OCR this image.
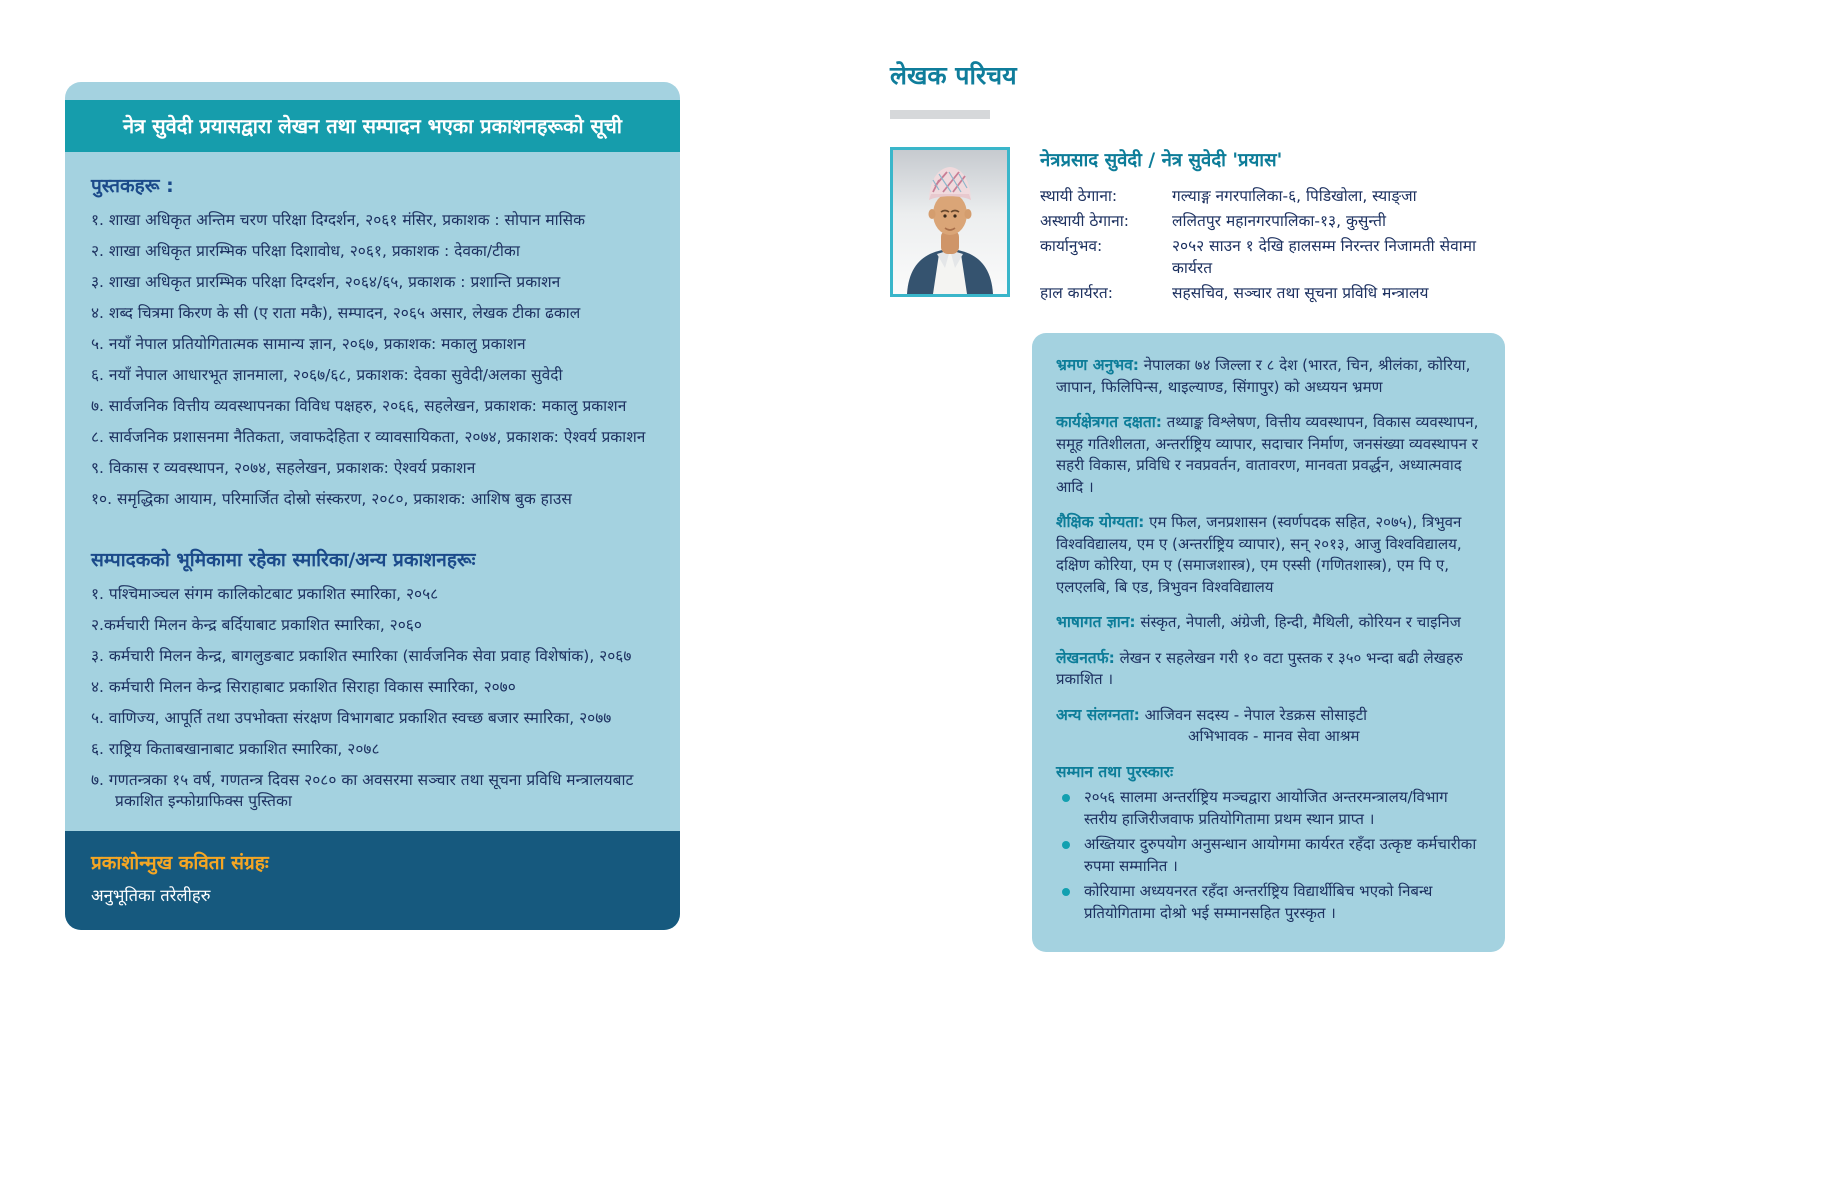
नेत्र सुवेदी प्रयासद्वारा लेखन तथा सम्पादन भएका प्रकाशनहरूको सूची
पुस्तकहरू :
१. शाखा अधिकृत अन्तिम चरण परिक्षा दिग्दर्शन, २०६१ मंसिर, प्रकाशक : सोपान मासिक
२. शाखा अधिकृत प्रारम्भिक परिक्षा दिशावोध, २०६१, प्रकाशक : देवका/टीका
३. शाखा अधिकृत प्रारम्भिक परिक्षा दिग्दर्शन, २०६४/६५, प्रकाशक : प्रशान्ति प्रकाशन
४. शब्द चित्रमा किरण के सी (ए राता मकै), सम्पादन, २०६५ असार, लेखक टीका ढकाल
५. नयाँ नेपाल प्रतियोगितात्मक सामान्य ज्ञान, २०६७, प्रकाशक: मकालु प्रकाशन
६. नयाँ नेपाल आधारभूत ज्ञानमाला, २०६७/६८, प्रकाशक: देवका सुवेदी/अलका सुवेदी
७. सार्वजनिक वित्तीय व्यवस्थापनका विविध पक्षहरु, २०६६, सहलेखन, प्रकाशक: मकालु प्रकाशन
८. सार्वजनिक प्रशासनमा नैतिकता, जवाफदेहिता र व्यावसायिकता, २०७४, प्रकाशक: ऐश्वर्य प्रकाशन
९. विकास र व्यवस्थापन, २०७४, सहलेखन, प्रकाशक: ऐश्वर्य प्रकाशन
१०. समृद्धिका आयाम, परिमार्जित दोस्रो संस्करण, २०८०, प्रकाशक: आशिष बुक हाउस
सम्पादकको भूमिकामा रहेका स्मारिका/अन्य प्रकाशनहरूः
१. पश्चिमाञ्चल संगम कालिकोटबाट प्रकाशित स्मारिका, २०५८
२.कर्मचारी मिलन केन्द्र बर्दियाबाट प्रकाशित स्मारिका, २०६०
३. कर्मचारी मिलन केन्द्र, बागलुङबाट प्रकाशित स्मारिका (सार्वजनिक सेवा प्रवाह विशेषांक), २०६७
४. कर्मचारी मिलन केन्द्र सिराहाबाट प्रकाशित सिराहा विकास स्मारिका, २०७०
५. वाणिज्य, आपूर्ति तथा उपभोक्ता संरक्षण विभागबाट प्रकाशित स्वच्छ बजार स्मारिका, २०७७
६. राष्ट्रिय किताबखानाबाट प्रकाशित स्मारिका, २०७८
७. गणतन्त्रका १५ वर्ष, गणतन्त्र दिवस २०८० का अवसरमा सञ्चार तथा सूचना प्रविधि मन्त्रालयबाट प्रकाशित इन्फोग्राफिक्स पुस्तिका
प्रकाशोन्मुख कविता संग्रहः
अनुभूतिका तरेलीहरु
लेखक परिचय
नेत्रप्रसाद सुवेदी / नेत्र सुवेदी 'प्रयास'
स्थायी ठेगाना:	गल्याङ्ग नगरपालिका-६, पिडिखोला, स्याङ्जा
अस्थायी ठेगाना:	ललितपुर महानगरपालिका-१३, कुसुन्ती
कार्यानुभव:	२०५२ साउन १ देखि हालसम्म निरन्तर निजामती सेवामा कार्यरत
हाल कार्यरत:	सहसचिव, सञ्चार तथा सूचना प्रविधि मन्त्रालय
भ्रमण अनुभव: नेपालका ७४ जिल्ला र ८ देश (भारत, चिन, श्रीलंका, कोरिया, जापान, फिलिपिन्स, थाइल्याण्ड, सिंगापुर) को अध्ययन भ्रमण
कार्यक्षेत्रगत दक्षता: तथ्याङ्क विश्लेषण, वित्तीय व्यवस्थापन, विकास व्यवस्थापन, समूह गतिशीलता, अन्तर्राष्ट्रिय व्यापार, सदाचार निर्माण, जनसंख्या व्यवस्थापन र सहरी विकास, प्रविधि र नवप्रवर्तन, वातावरण, मानवता प्रवर्द्धन, अध्यात्मवाद आदि ।
शैक्षिक योग्यता: एम फिल, जनप्रशासन (स्वर्णपदक सहित, २०७५), त्रिभुवन विश्वविद्यालय, एम ए (अन्तर्राष्ट्रिय व्यापार), सन् २०१३, आजु विश्वविद्यालय, दक्षिण कोरिया, एम ए (समाजशास्त्र), एम एस्सी (गणितशास्त्र), एम पि ए, एलएलबि, बि एड, त्रिभुवन विश्वविद्यालय
भाषागत ज्ञान: संस्कृत, नेपाली, अंग्रेजी, हिन्दी, मैथिली, कोरियन र चाइनिज
लेखनतर्फ: लेखन र सहलेखन गरी १० वटा पुस्तक र ३५० भन्दा बढी लेखहरु प्रकाशित ।
अन्य संलग्नता: आजिवन सदस्य - नेपाल रेडक्रस सोसाइटी
अभिभावक - मानव सेवा आश्रम
सम्मान तथा पुरस्कारः
२०५६ सालमा अन्तर्राष्ट्रिय मञ्चद्वारा आयोजित अन्तरमन्त्रालय/विभाग स्तरीय हाजिरीजवाफ प्रतियोगितामा प्रथम स्थान प्राप्त ।
अख्तियार दुरुपयोग अनुसन्धान आयोगमा कार्यरत रहँदा उत्कृष्ट कर्मचारीका रुपमा सम्मानित ।
कोरियामा अध्ययनरत रहँदा अन्तर्राष्ट्रिय विद्यार्थीबिच भएको निबन्ध प्रतियोगितामा दोश्रो भई सम्मानसहित पुरस्कृत ।
